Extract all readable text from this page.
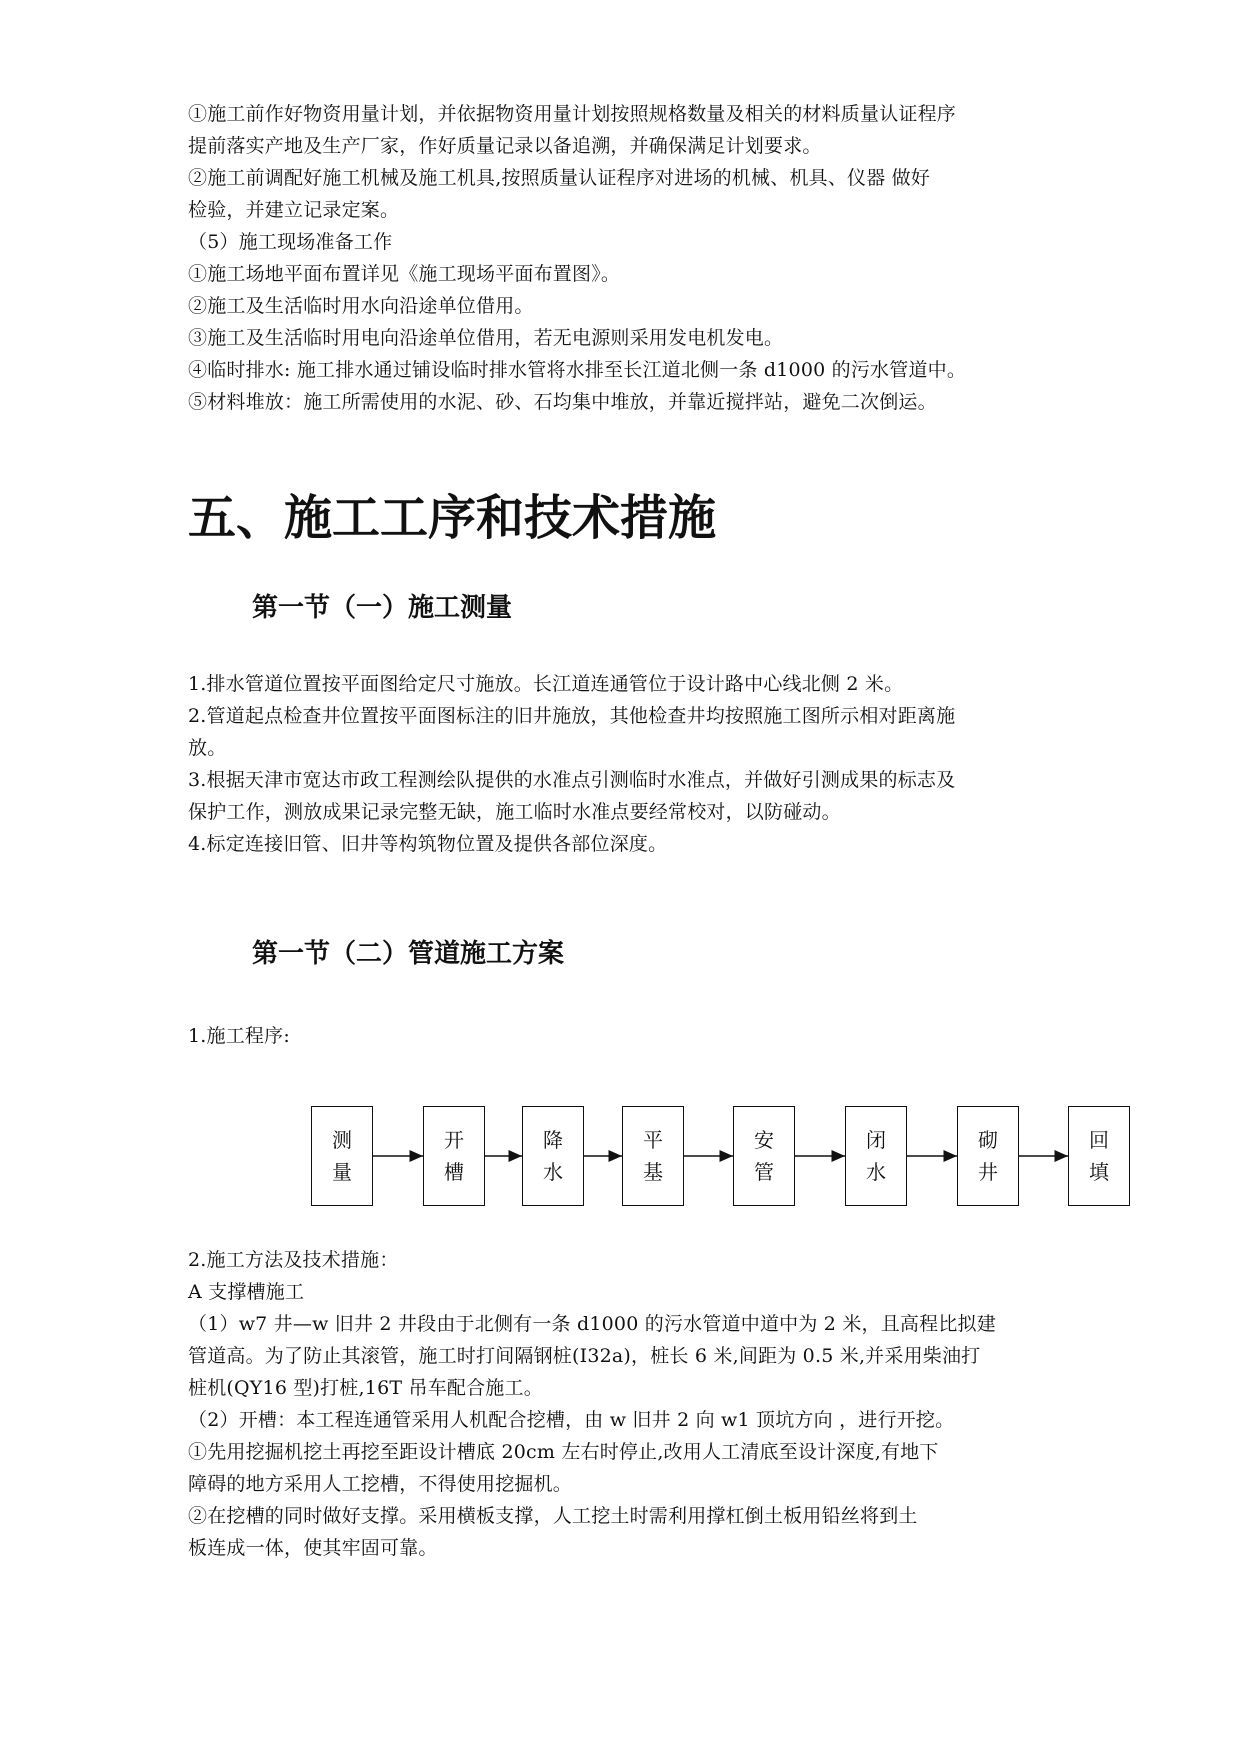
①施工前作好物资用量计划，并依据物资用量计划按照规格数量及相关的材料质量认证程序
提前落实产地及生产厂家，作好质量记录以备追溯，并确保满足计划要求。
②施工前调配好施工机械及施工机具,按照质量认证程序对进场的机械、机具、仪器 做好
检验，并建立记录定案。
（5）施工现场准备工作
①施工场地平面布置详见《施工现场平面布置图》。
②施工及生活临时用水向沿途单位借用。
③施工及生活临时用电向沿途单位借用，若无电源则采用发电机发电。
④临时排水: 施工排水通过铺设临时排水管将水排至长江道北侧一条 d1000 的污水管道中。
⑤材料堆放：施工所需使用的水泥、砂、石均集中堆放，并靠近搅拌站，避免二次倒运。
五、施工工序和技术措施
第一节（一）施工测量
1.排水管道位置按平面图给定尺寸施放。长江道连通管位于设计路中心线北侧 2 米。
2.管道起点检查井位置按平面图标注的旧井施放，其他检查井均按照施工图所示相对距离施
放。
3.根据天津市宽达市政工程测绘队提供的水准点引测临时水准点，并做好引测成果的标志及
保护工作，测放成果记录完整无缺，施工临时水准点要经常校对，以防碰动。
4.标定连接旧管、旧井等构筑物位置及提供各部位深度。
第一节（二）管道施工方案
1.施工程序:
测
量
开
槽
降
水
平
基
安
管
闭
水
砌
井
回
填
2.施工方法及技术措施：
A 支撑槽施工
（1）w7 井—w 旧井 2 井段由于北侧有一条 d1000 的污水管道中道中为 2 米，且高程比拟建
管道高。为了防止其滚管，施工时打间隔钢桩(I32a)，桩长 6 米,间距为 0.5 米,并采用柴油打
桩机(QY16 型)打桩,16T 吊车配合施工。
（2）开槽：本工程连通管采用人机配合挖槽，由 w 旧井 2 向 w1 顶坑方向 ，进行开挖。
①先用挖掘机挖土再挖至距设计槽底 20cm 左右时停止,改用人工清底至设计深度,有地下
障碍的地方采用人工挖槽，不得使用挖掘机。
②在挖槽的同时做好支撑。采用横板支撑，人工挖土时需利用撑杠倒土板用铅丝将到土
板连成一体，使其牢固可靠。
